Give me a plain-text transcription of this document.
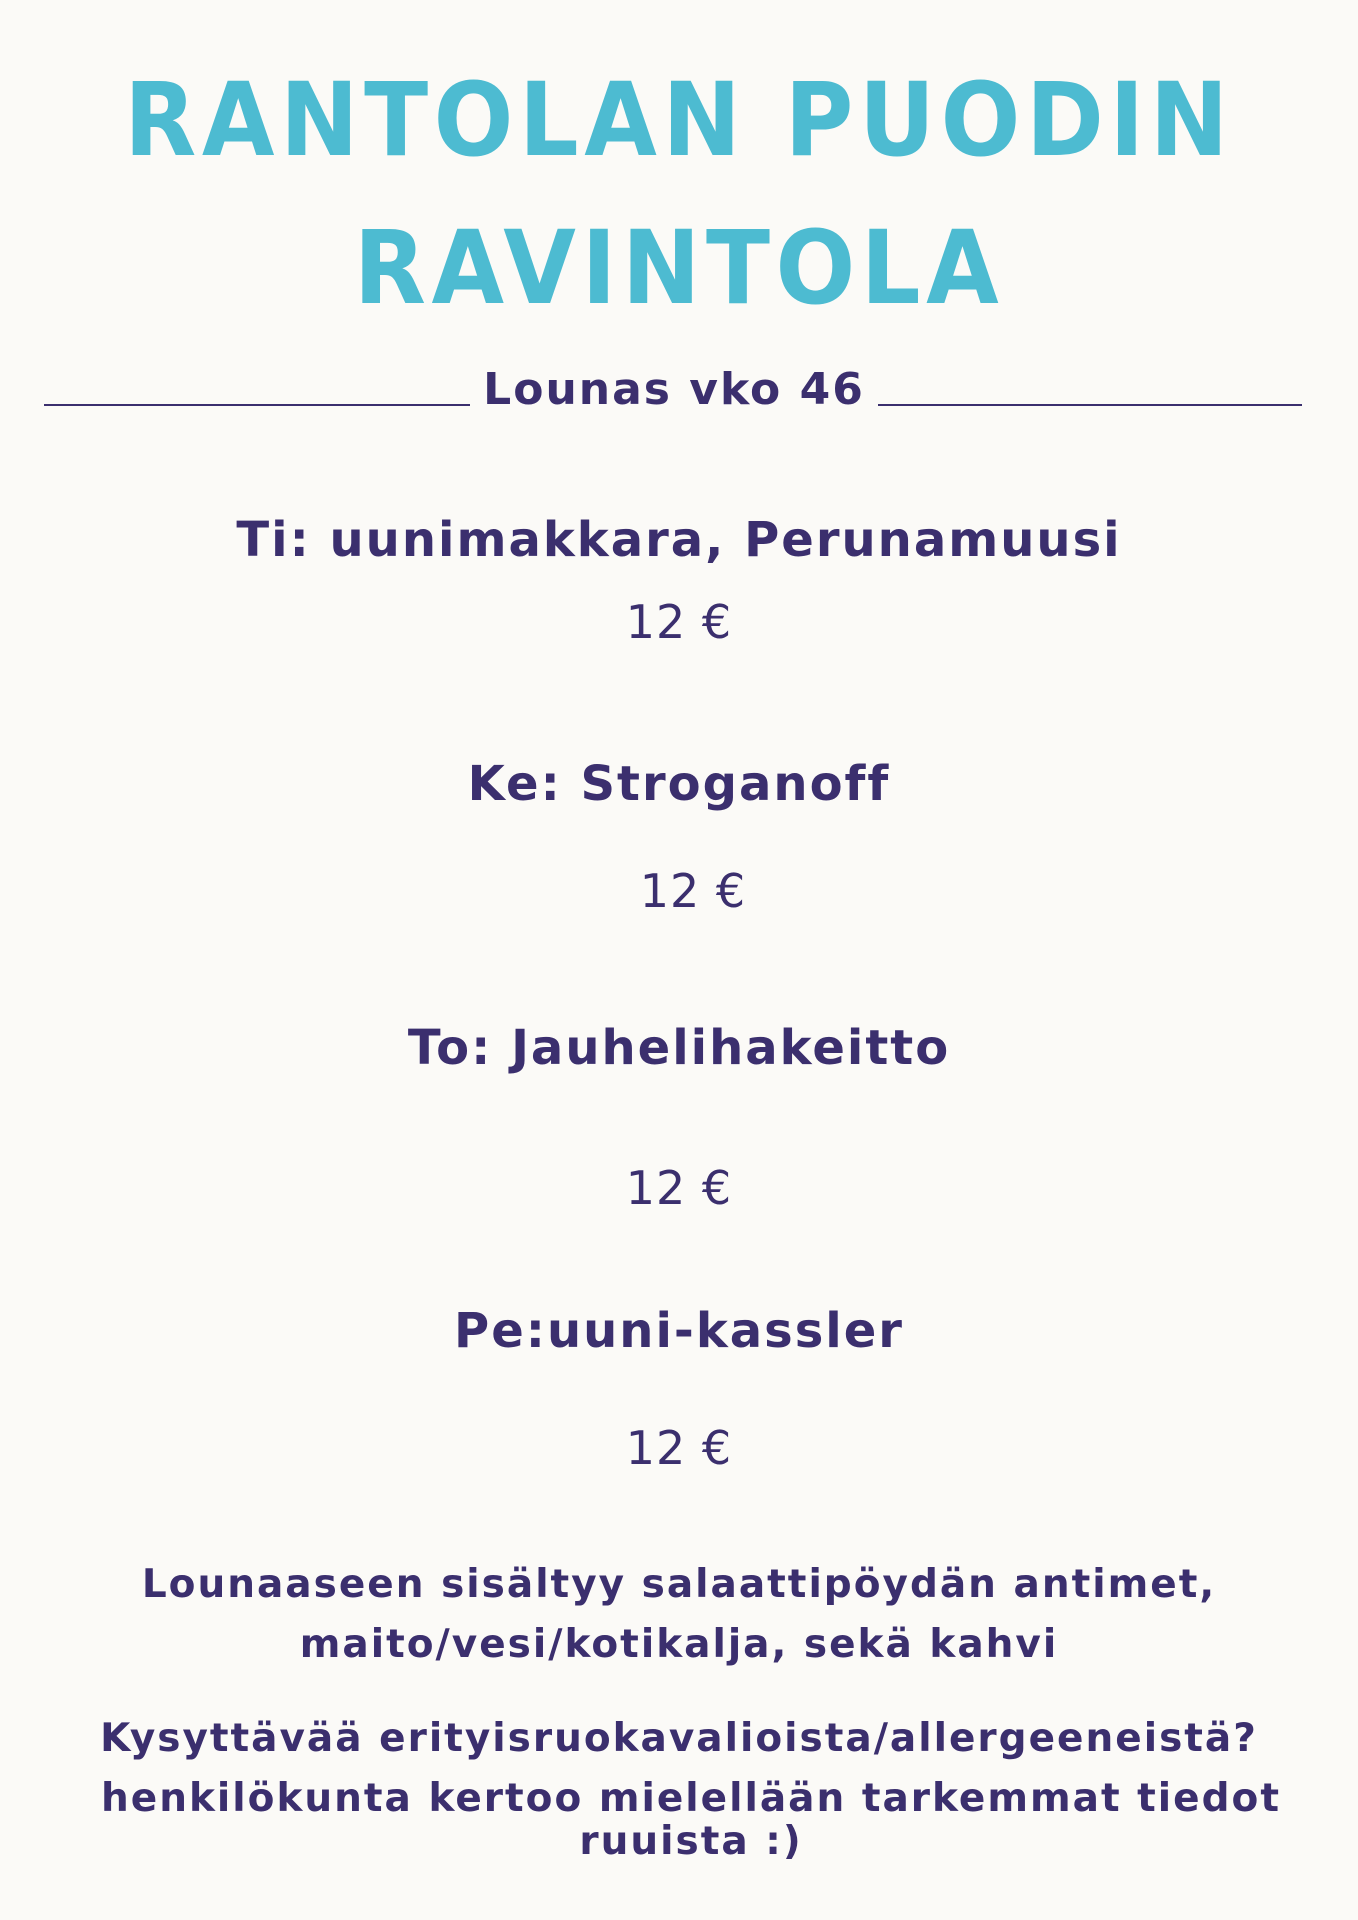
RANTOLAN PUODIN
RAVINTOLA
Lounas vko 46
Ti: uunimakkara, Perunamuusi
12 €
Ke: Stroganoff
12 €
To: Jauhelihakeitto
12 €
Pe:uuni-kassler
12 €
Lounaaseen sisältyy salaattipöydän antimet,
maito/vesi/kotikalja, sekä kahvi
Kysyttävää erityisruokavalioista/allergeeneistä?
henkilökunta kertoo mielellään tarkemmat tiedot ruuista :)
